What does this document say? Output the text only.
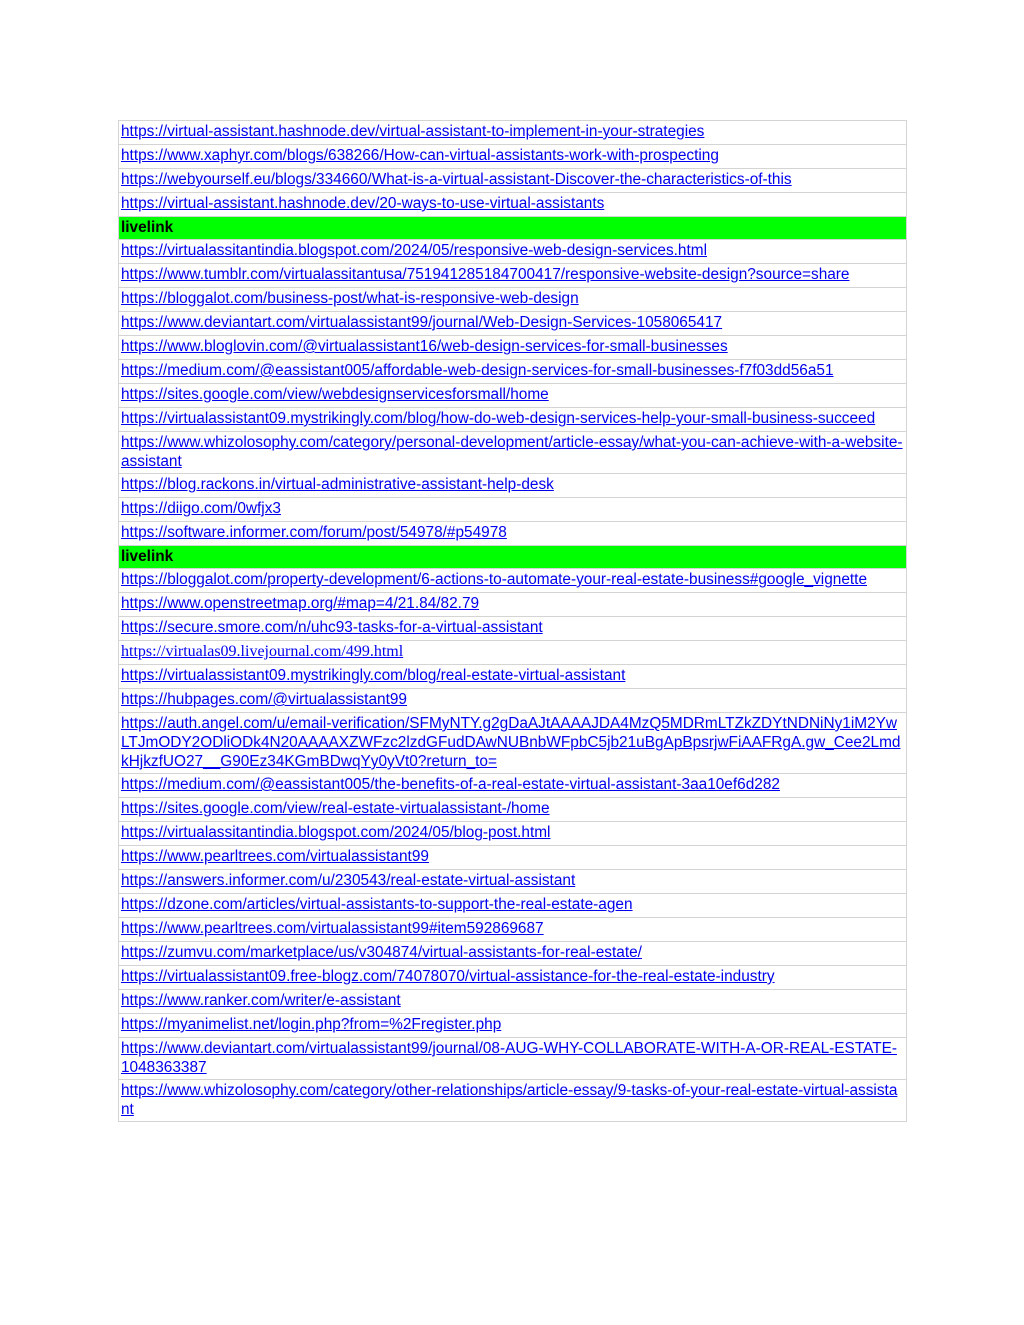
https://virtual-assistant.hashnode.dev/virtual-assistant-to-implement-in-your-strategies
https://www.xaphyr.com/blogs/638266/How-can-virtual-assistants-work-with-prospecting
https://webyourself.eu/blogs/334660/What-is-a-virtual-assistant-Discover-the-characteristics-of-this
https://virtual-assistant.hashnode.dev/20-ways-to-use-virtual-assistants
livelink
https://virtualassitantindia.blogspot.com/2024/05/responsive-web-design-services.html
https://www.tumblr.com/virtualassitantusa/751941285184700417/responsive-website-design?source=share
https://bloggalot.com/business-post/what-is-responsive-web-design
https://www.deviantart.com/virtualassistant99/journal/Web-Design-Services-1058065417
https://www.bloglovin.com/@virtualassistant16/web-design-services-for-small-businesses
https://medium.com/@eassistant005/affordable-web-design-services-for-small-businesses-f7f03dd56a51
https://sites.google.com/view/webdesignservicesforsmall/home
https://virtualassistant09.mystrikingly.com/blog/how-do-web-design-services-help-your-small-business-succeed
https://www.whizolosophy.com/category/personal-development/article-essay/what-you-can-achieve-with-a-website-assistant
https://blog.rackons.in/virtual-administrative-assistant-help-desk
https://diigo.com/0wfjx3
https://software.informer.com/forum/post/54978/#p54978
livelink
https://bloggalot.com/property-development/6-actions-to-automate-your-real-estate-business#google_vignette
https://www.openstreetmap.org/#map=4/21.84/82.79
https://secure.smore.com/n/uhc93-tasks-for-a-virtual-assistant
https://virtualas09.livejournal.com/499.html
https://virtualassistant09.mystrikingly.com/blog/real-estate-virtual-assistant
https://hubpages.com/@virtualassistant99
https://auth.angel.com/u/email-verification/SFMyNTY.g2gDaAJtAAAAJDA4MzQ5MDRmLTZkZDYtNDNiNy1iM2YwLTJmODY2ODliODk4N20AAAAXZWFzc2lzdGFudDAwNUBnbWFpbC5jb21uBgApBpsrjwFiAAFRgA.gw_Cee2LmdkHjkzfUO27__G90Ez34KGmBDwqYy0yVt0?return_to=
https://medium.com/@eassistant005/the-benefits-of-a-real-estate-virtual-assistant-3aa10ef6d282
https://sites.google.com/view/real-estate-virtualassistant-/home
https://virtualassitantindia.blogspot.com/2024/05/blog-post.html
https://www.pearltrees.com/virtualassistant99
https://answers.informer.com/u/230543/real-estate-virtual-assistant
https://dzone.com/articles/virtual-assistants-to-support-the-real-estate-agen
https://www.pearltrees.com/virtualassistant99#item592869687
https://zumvu.com/marketplace/us/v304874/virtual-assistants-for-real-estate/
https://virtualassistant09.free-blogz.com/74078070/virtual-assistance-for-the-real-estate-industry
https://www.ranker.com/writer/e-assistant
https://myanimelist.net/login.php?from=%2Fregister.php
https://www.deviantart.com/virtualassistant99/journal/08-AUG-WHY-COLLABORATE-WITH-A-OR-REAL-ESTATE-1048363387
https://www.whizolosophy.com/category/other-relationships/article-essay/9-tasks-of-your-real-estate-virtual-assistant
